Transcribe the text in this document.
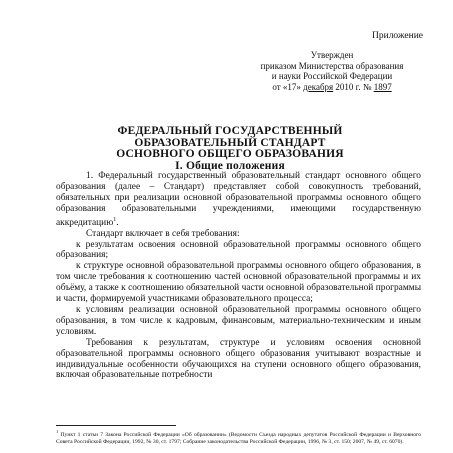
Приложение
Утвержден
приказом Министерства образования
и науки Российской Федерации
от «17» декабря 2010 г. № 1897
ФЕДЕРАЛЬНЫЙ ГОСУДАРСТВЕННЫЙ
ОБРАЗОВАТЕЛЬНЫЙ СТАНДАРТ
ОСНОВНОГО ОБЩЕГО ОБРАЗОВАНИЯ
I. Общие положения

1. Федеральный государственный образовательный стандарт основного общего образования (далее – Стандарт) представляет собой совокупность требований, обязательных при реализации основной образовательной программы основного общего образования образовательными учреждениями, имеющими государственную аккредитацию$^1$.

Стандарт включает в себя требования:

к результатам освоения основной образовательной программы основного общего образования;

к структуре основной образовательной программы основного общего образования, в том числе требования к соотношению частей основной образовательной программы и их объёму, а также к соотношению обязательной части основной образовательной программы и части, формируемой участниками образовательного процесса;

к условиям реализации основной образовательной программы основного общего образования, в том числе к кадровым, финансовым, материально-техническим и иным условиям.

Требования к результатам, структуре и условиям освоения основной образовательной программы основного общего образования учитывают возрастные и индивидуальные особенности обучающихся на ступени основного общего образования, включая образовательные потребности

$^1$ Пункт 1 статьи 7 Закона Российской Федерации «Об образовании» (Ведомости Съезда народных депутатов Российской Федерации и Верховного Совета Российской Федерации, 1992, № 30, ст. 1797; Собрание законодательства Российской Федерации, 1996, № 3, ст. 150; 2007, № 49, ст. 6070).
